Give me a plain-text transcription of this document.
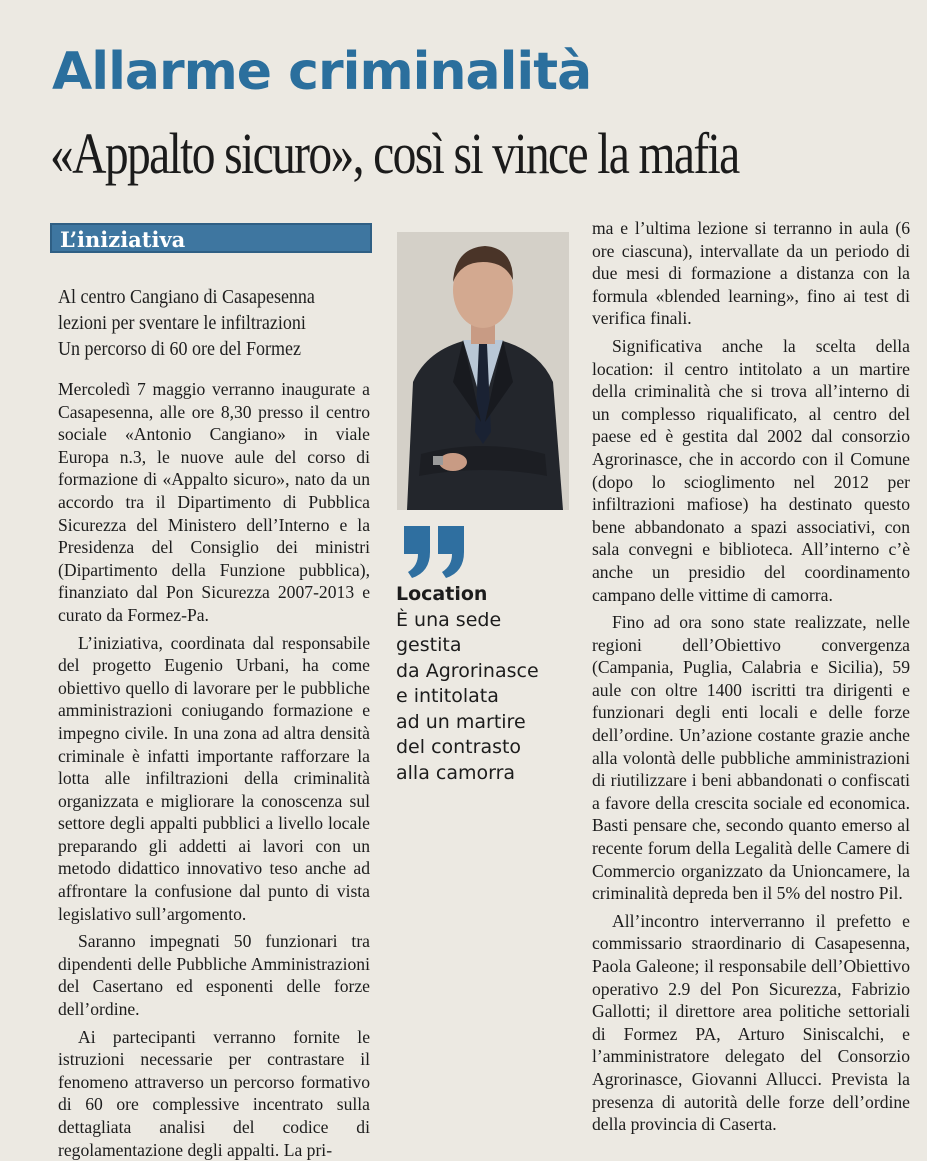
Allarme criminalità
«Appalto sicuro», così si vince la mafia
L’iniziativa
Al centro Cangiano di Casapesenna
lezioni per sventare le infiltrazioni
Un percorso di 60 ore del Formez

Mercoledì 7 maggio verranno inaugurate a Casapesenna, alle ore 8,30 presso il centro sociale «Antonio Cangiano» in viale Europa n.3, le nuove aule del corso di formazione di «Appalto sicuro», nato da un accordo tra il Dipartimento di Pubblica Sicurezza del Ministero dell’Interno e la Presidenza del Consiglio dei ministri (Dipartimento della Funzione pubblica), finanziato dal Pon Sicurezza 2007-2013 e curato da Formez-Pa.

L’iniziativa, coordinata dal responsabile del progetto Eugenio Urbani, ha come obiettivo quello di lavorare per le pubbliche amministrazioni coniugando formazione e impegno civile. In una zona ad altra densità criminale è infatti importante rafforzare la lotta alle infiltrazioni della criminalità organizzata e migliorare la conoscenza sul settore degli appalti pubblici a livello locale preparando gli addetti ai lavori con un metodo didattico innovativo teso anche ad affrontare la confusione dal punto di vista legislativo sull’argomento.

Saranno impegnati 50 funzionari tra dipendenti delle Pubbliche Amministrazioni del Casertano ed esponenti delle forze dell’ordine.

Ai partecipanti verranno fornite le istruzioni necessarie per contrastare il fenomeno attraverso un percorso formativo di 60 ore complessive incentrato sulla dettagliata analisi del codice di regolamentazione degli appalti. La pri-

Location
È una sede
gestita
da Agrorinasce
e intitolata
ad un martire
del contrasto
alla camorra

ma e l’ultima lezione si terranno in aula (6 ore ciascuna), intervallate da un periodo di due mesi di formazione a distanza con la formula «blended learning», fino ai test di verifica finali.

Significativa anche la scelta della location: il centro intitolato a un martire della criminalità che si trova all’interno di un complesso riqualificato, al centro del paese ed è gestita dal 2002 dal consorzio Agrorinasce, che in accordo con il Comune (dopo lo scioglimento nel 2012 per infiltrazioni mafiose) ha destinato questo bene abbandonato a spazi associativi, con sala convegni e biblioteca. All’interno c’è anche un presidio del coordinamento campano delle vittime di camorra.

Fino ad ora sono state realizzate, nelle regioni dell’Obiettivo convergenza (Campania, Puglia, Calabria e Sicilia), 59 aule con oltre 1400 iscritti tra dirigenti e funzionari degli enti locali e delle forze dell’ordine. Un’azione costante grazie anche alla volontà delle pubbliche amministrazioni di riutilizzare i beni abbandonati o confiscati a favore della crescita sociale ed economica. Basti pensare che, secondo quanto emerso al recente forum della Legalità delle Camere di Commercio organizzato da Unioncamere, la criminalità depreda ben il 5% del nostro Pil.

All’incontro interverranno il prefetto e commissario straordinario di Casapesenna, Paola Galeone; il responsabile dell’Obiettivo operativo 2.9 del Pon Sicurezza, Fabrizio Gallotti; il direttore area politiche settoriali di Formez PA, Arturo Siniscalchi, e l’amministratore delegato del Consorzio Agrorinasce, Giovanni Allucci. Prevista la presenza di autorità delle forze dell’ordine della provincia di Caserta.
